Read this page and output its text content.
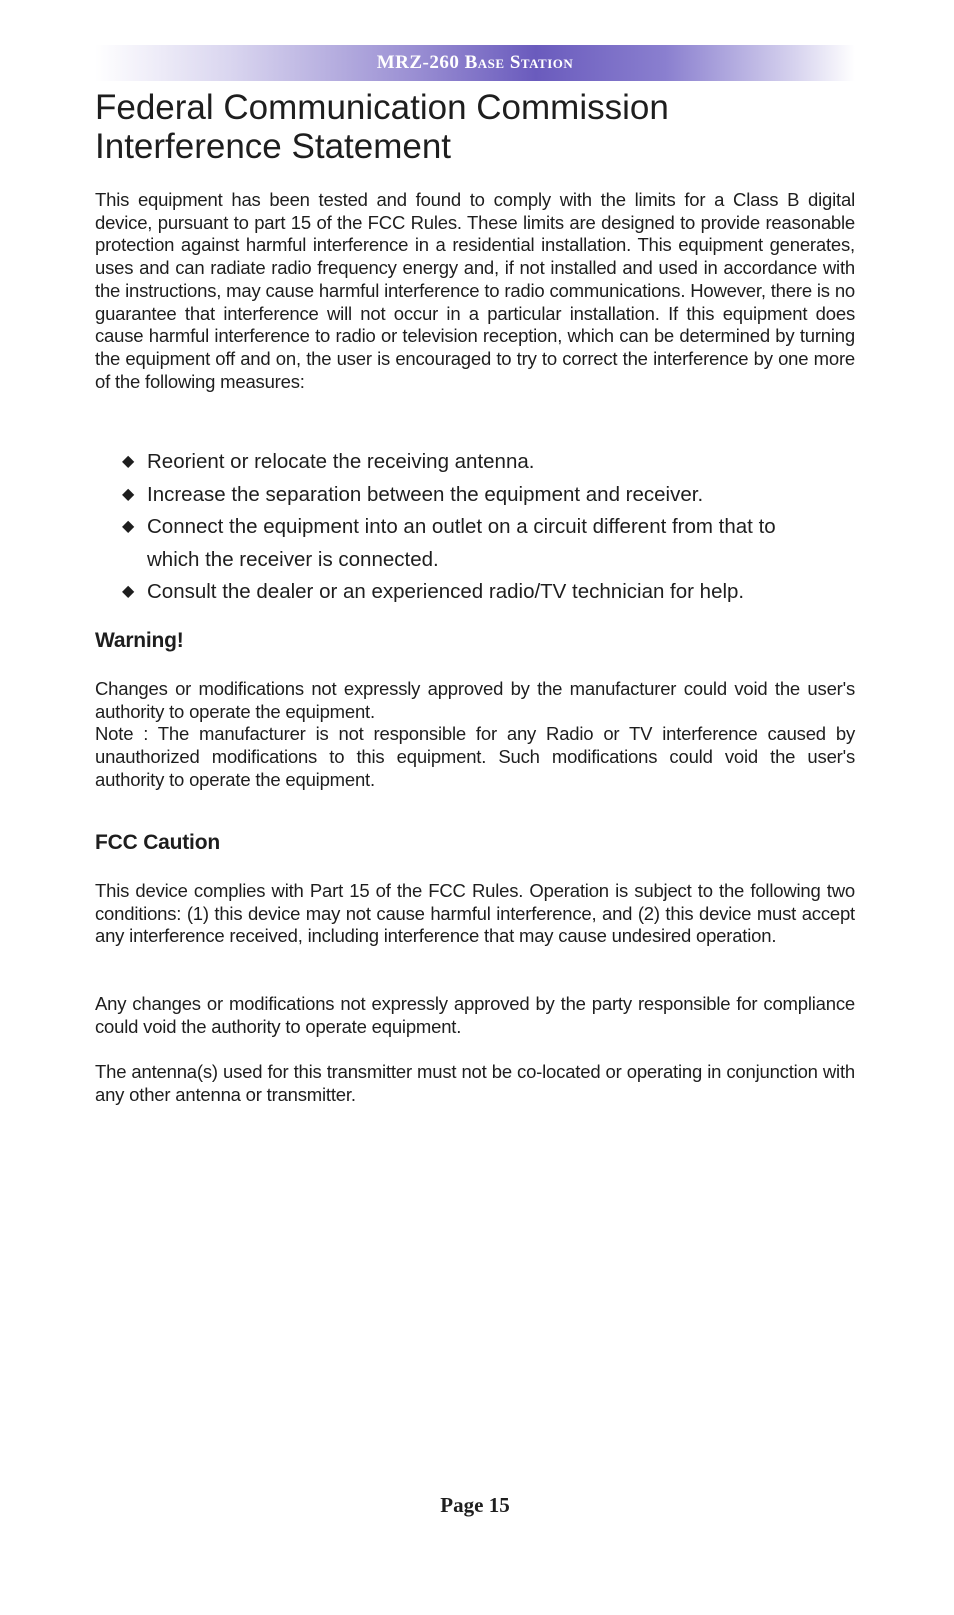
MRZ-260 Base Station
Federal Communication Commission
Interference Statement

This equipment has been tested and found to comply with the limits for a Class B digital device, pursuant to part 15 of the FCC Rules. These limits are designed to provide reasonable protection against harmful interference in a residential installation. This equipment generates, uses and can radiate radio frequency energy and, if not installed and used in accordance with the instructions, may cause harmful interference to radio communications. However, there is no guarantee that interference will not occur in a particular installation. If this equipment does cause harmful interference to radio or television reception, which can be determined by turning the equipment off and on, the user is encouraged to try to correct the interference by one more of the following measures:

◆ Reorient or relocate the receiving antenna.
◆ Increase the separation between the equipment and receiver.
◆ Connect the equipment into an outlet on a circuit different from that to which the receiver is connected.
◆ Consult the dealer or an experienced radio/TV technician for help.
Warning!

Changes or modifications not expressly approved by the manufacturer could void the user's authority to operate the equipment.
Note : The manufacturer is not responsible for any Radio or TV interference caused by unauthorized modifications to this equipment. Such modifications could void the user's authority to operate the equipment.

FCC Caution

This device complies with Part 15 of the FCC Rules. Operation is subject to the following two conditions: (1) this device may not cause harmful interference, and (2) this device must accept any interference received, including interference that may cause undesired operation.

Any changes or modifications not expressly approved by the party responsible for compliance could void the authority to operate equipment.

The antenna(s) used for this transmitter must not be co-located or operating in conjunction with any other antenna or transmitter.

Page 15
